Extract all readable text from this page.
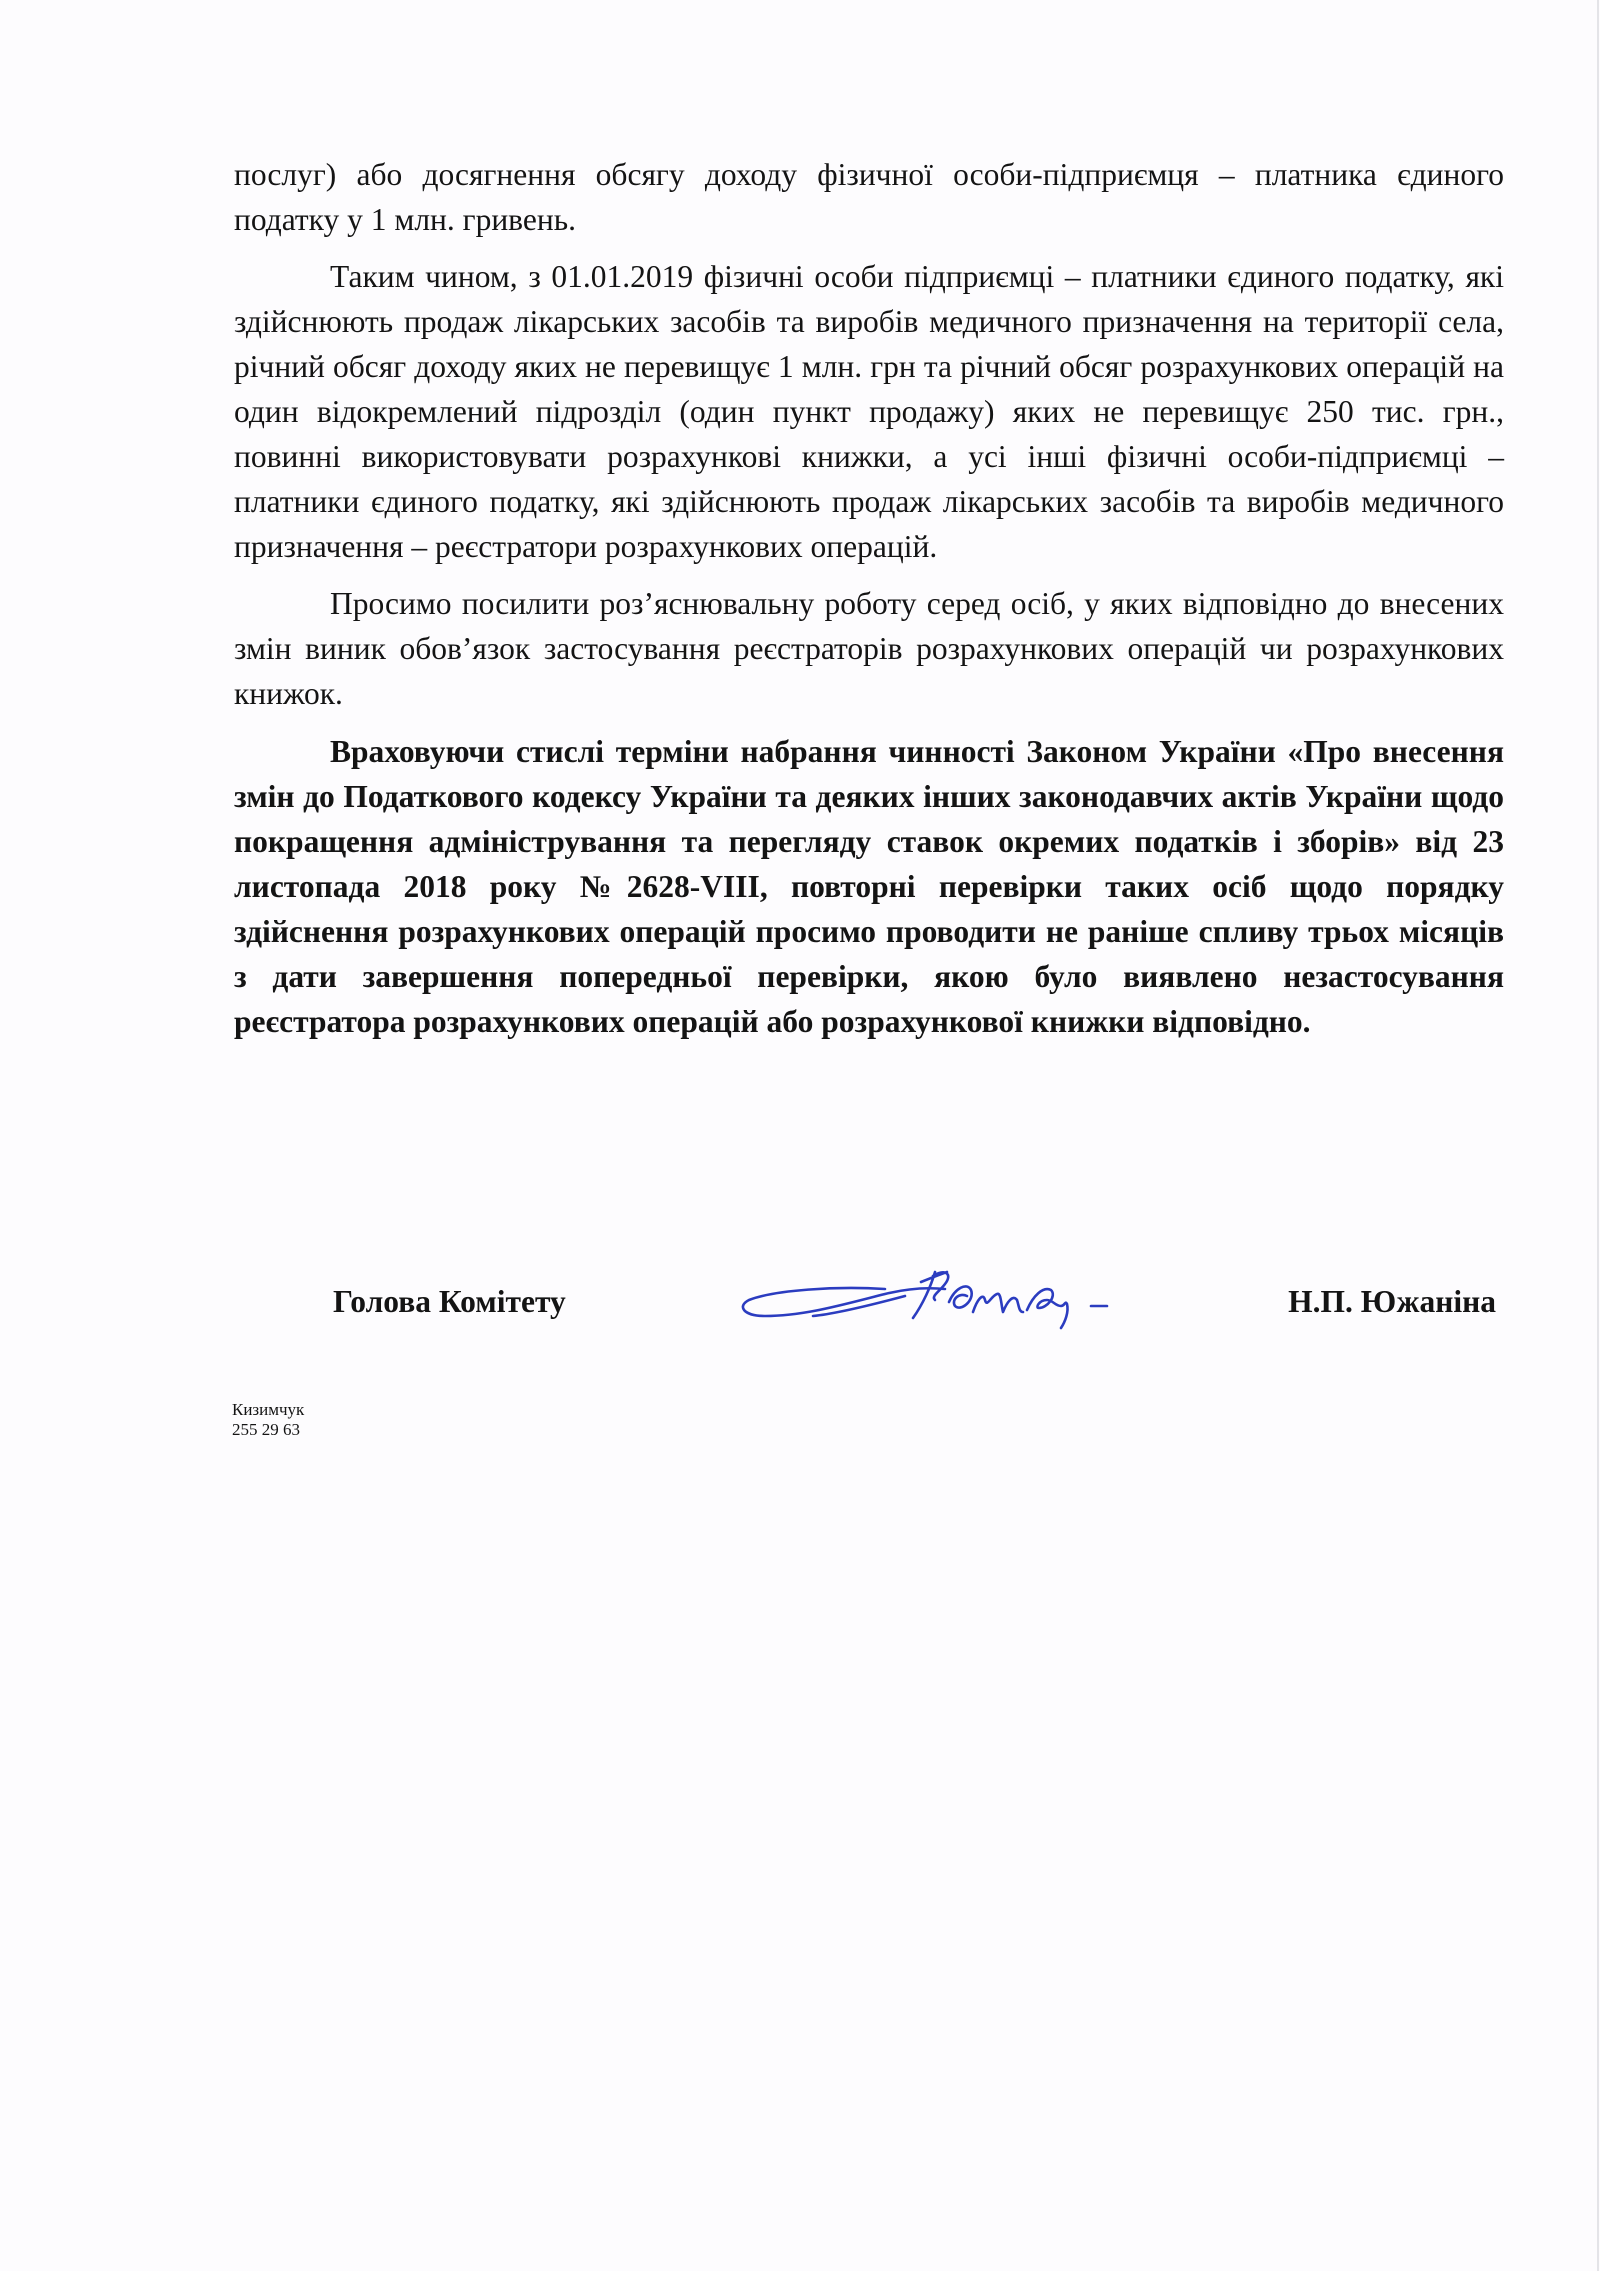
послуг) або досягнення обсягу доходу фізичної особи-підприємця – платника єдиного податку у 1 млн. гривень.

Таким чином, з 01.01.2019 фізичні особи підприємці – платники єдиного податку, які здійснюють продаж лікарських засобів та виробів медичного призначення на території села, річний обсяг доходу яких не перевищує 1 млн. грн та річний обсяг розрахункових операцій на один відокремлений підрозділ (один пункт продажу) яких не перевищує 250 тис. грн., повинні використовувати розрахункові книжки, а усі інші фізичні особи-підприємці – платники єдиного податку, які здійснюють продаж лікарських засобів та виробів медичного призначення – реєстратори розрахункових операцій.

Просимо посилити роз’яснювальну роботу серед осіб, у яких відповідно до внесених змін виник обов’язок застосування реєстраторів розрахункових операцій чи розрахункових книжок.

Враховуючи стислі терміни набрання чинності Законом України «Про внесення змін до Податкового кодексу України та деяких інших законодавчих актів України щодо покращення адміністрування та перегляду ставок окремих податків і зборів» від 23 листопада 2018 року №2628-VIII, повторні перевірки таких осіб щодо порядку здійснення розрахункових операцій просимо проводити не раніше спливу трьох місяців з дати завершення попередньої перевірки, якою було виявлено незастосування реєстратора розрахункових операцій або розрахункової книжки відповідно.

Голова Комітету	Н.П. Южаніна
Кизимчук
255 29 63
